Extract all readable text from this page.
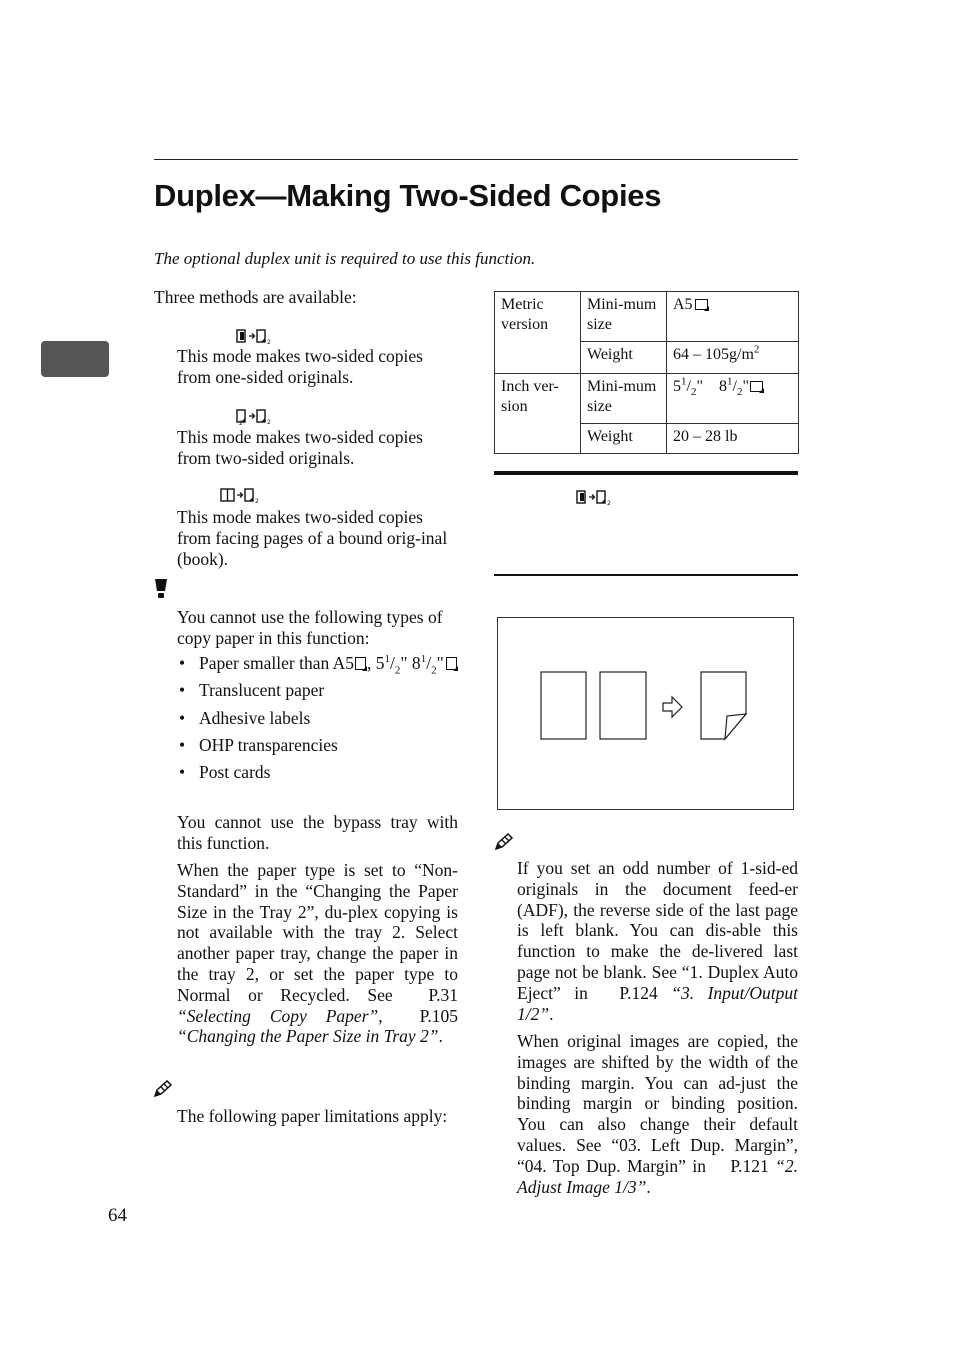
Duplex—Making Two-Sided Copies
The optional duplex unit is required to use this function.
Three methods are available:
2
This mode makes two-sided copies from one-sided originals.
2	2
This mode makes two-sided copies from two-sided originals.
2
This mode makes two-sided copies from facing pages of a bound orig-inal (book).
You cannot use the following types of copy paper in this function:
• Paper smaller than A5 , $5^1/_2$" $8^1/_2$"
• Translucent paper
• Adhesive labels
• OHP transparencies
• Post cards
You cannot use the bypass tray with this function.
When the paper type is set to “Non-Standard” in the “Changing the Paper Size in the Tray 2”, du-plex copying is not available with the tray 2. Select another paper tray, change the paper in the tray 2, or set the paper type to Normal or Recycled. See P.31 “Selecting Copy Paper”, P.105 “Changing the Paper Size in Tray 2”.
The following paper limitations apply:
Metric version	Mini-mum size	A5

	Weight	$64 - 105g/m^2$
Inch ver-sion	Mini-mum size	$5^1/_2$"    $8^1/_2$"

	Weight	20 – 28 lb
2
If you set an odd number of 1-sid-ed originals in the document feed-er (ADF), the reverse side of the last page is left blank. You can dis-able this function to make the de-livered last page not be blank. See “1. Duplex Auto Eject” in P.124 “3. Input/Output 1/2”.
When original images are copied, the images are shifted by the width of the binding margin. You can ad-just the binding margin or binding position. You can also change their default values. See “03. Left Dup. Margin”, “04. Top Dup. Margin” in P.121 “2. Adjust Image 1/3”.
64
